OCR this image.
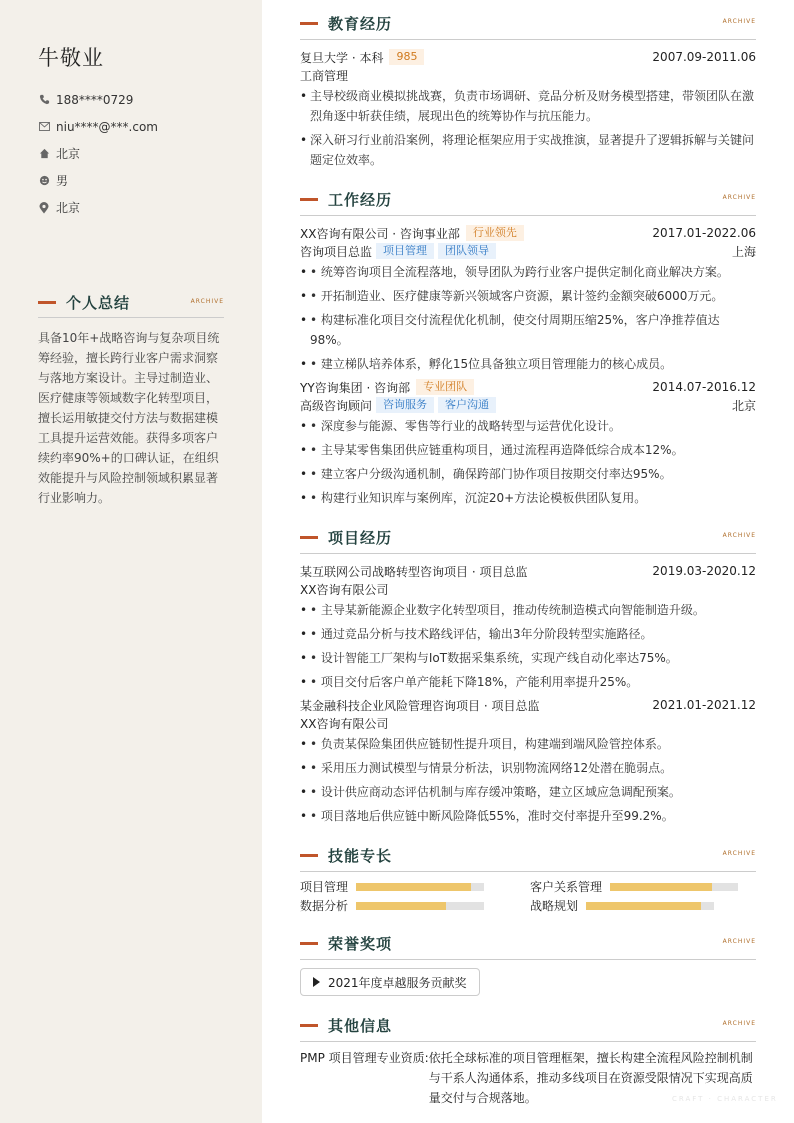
牛敬业
188****0729
niu****@***.com
北京
男
北京
个人总结	ARCHIVE
具备10年+战略咨询与复杂项目统筹经验，擅长跨行业客户需求洞察与落地方案设计。主导过制造业、医疗健康等领域数字化转型项目，擅长运用敏捷交付方法与数据建模工具提升运营效能。获得多项客户续约率90%+的口碑认证，在组织效能提升与风险控制领域积累显著行业影响力。
教育经历	ARCHIVE
复旦大学 · 本科	985	2007.09-2011.06
工商管理
• 主导校级商业模拟挑战赛，负责市场调研、竞品分析及财务模型搭建，带领团队在激烈角逐中斩获佳绩，展现出色的统筹协作与抗压能力。
• 深入研习行业前沿案例，将理论框架应用于实战推演，显著提升了逻辑拆解与关键问题定位效率。
工作经历	ARCHIVE
XX咨询有限公司 · 咨询事业部	行业领先	2017.01-2022.06
咨询项目总监	项目管理	团队领导	上海
• • 统筹咨询项目全流程落地，领导团队为跨行业客户提供定制化商业解决方案。
• • 开拓制造业、医疗健康等新兴领域客户资源，累计签约金额突破6000万元。
• • 构建标准化项目交付流程优化机制，使交付周期压缩25%，客户净推荐值达98%。
• • 建立梯队培养体系，孵化15位具备独立项目管理能力的核心成员。
YY咨询集团 · 咨询部	专业团队	2014.07-2016.12
高级咨询顾问	咨询服务	客户沟通	北京
• • 深度参与能源、零售等行业的战略转型与运营优化设计。
• • 主导某零售集团供应链重构项目，通过流程再造降低综合成本12%。
• • 建立客户分级沟通机制，确保跨部门协作项目按期交付率达95%。
• • 构建行业知识库与案例库，沉淀20+方法论模板供团队复用。
项目经历	ARCHIVE
某互联网公司战略转型咨询项目 · 项目总监	2019.03-2020.12
XX咨询有限公司
• • 主导某新能源企业数字化转型项目，推动传统制造模式向智能制造升级。
• • 通过竞品分析与技术路线评估，输出3年分阶段转型实施路径。
• • 设计智能工厂架构与IoT数据采集系统，实现产线自动化率达75%。
• • 项目交付后客户单产能耗下降18%，产能利用率提升25%。
某金融科技企业风险管理咨询项目 · 项目总监	2021.01-2021.12
XX咨询有限公司
• • 负责某保险集团供应链韧性提升项目，构建端到端风险管控体系。
• • 采用压力测试模型与情景分析法，识别物流网络12处潜在脆弱点。
• • 设计供应商动态评估机制与库存缓冲策略，建立区域应急调配预案。
• • 项目落地后供应链中断风险降低55%，准时交付率提升至99.2%。
技能专长	ARCHIVE
项目管理	客户关系管理
数据分析	战略规划
荣誉奖项	ARCHIVE
2021年度卓越服务贡献奖
其他信息	ARCHIVE
PMP 项目管理专业资质: 依托全球标准的项目管理框架，擅长构建全流程风险控制机制与干系人沟通体系，推动多线项目在资源受限情况下实现高质量交付与合规落地。	CRAFT · CHARACTER
